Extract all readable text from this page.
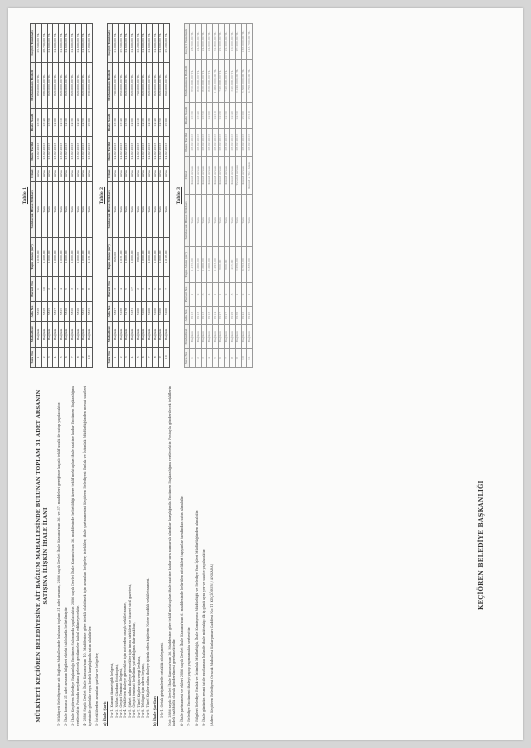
MÜLKİYETİ KEÇİÖREN BELEDİYESİNE AİT BAĞLUM MAHALLESİNDE BULUNAN TOPLAM 31 ADET ARSANIN SATIŞINA İLİŞKİN İHALE İLANI	1- Mülkiyeti Belediyemize ait Bağlum Mahallesinde bulunan toplam 31 adet arsanın, 2886 sayılı Devlet İhale Kanunu'nun 36. ve 37. maddeleri gereğince kapalı teklif usulü ile satışı yapılacaktır. 2- İhale konusu 31 adet arsanın bilgileri ekteki tablolarda belirtilmiştir. 3- İhale Keçiören Belediye Başkanlığı Encümen Salonunda yapılacaktır. 2886 sayılı Devlet İhale Kanunu'nun 36. maddesinde belirtildiği üzere teklif mektupları ihale saatine kadar Encümen Başkanlığına verilecektir. Postada meydana gelecek gecikmeler kabul edilmeyecektir. 4- 2886 Sayılı Devlet İhale Kanunu'nun 10. Maddesine göre istekli olabilmek için aranılan belgeler; istekliler, ihale şartnamesini Keçiören Belediyesi Emlak ve İstimlak Müdürlüğünden mesai saatleri içerisinde görebilir veya bedeli karşılığında satın alabilirler. 5- İsteklilerden aranılan şartlar ve belgeler; a) İhale Şartı 5-a-1. Kanuni ikametgâh belgesi, 5-a-2. Nüfus Cüzdanı fotokopisi, 5-a-3. Geçici Teminat Belgesi, 5-a-4. Vekâleten ihaleye girecekler için noterden onaylı vekâletname, 5-a-5. Şirket adına ihaleye girecekler için imza sirküleri ve ticaret sicil gazetesi, 5-a-6. Geçici teminat bedelinin yatırıldığına dair makbuz, 5-a-7. Tüzel Kişiler için vergi levhası, 5-a-8. Tebligat için adres beyanı, 5-a-9. Tüzel Kişiler adına ihaleye iştirak eden kişilerin Noter tasdikli vekâletnamesi. b) İhale Şartları 5-b-1. Ortak girişimlerde ortaklık sözleşmesi. Not: 2886 sayılı Devlet İhale Kanunu'nun 36. Maddesine göre teklif mektupları ihale saatine kadar sıra numaralı alındılar karşılığında Encümen Başkanlığına verilecektir. Postayla gönderilecek tekliflerin iadeli taahhütlü olarak gönderilmesi gerekmektedir. 6- İhale şartnamesi ve ekleri 2886 sayılı Devlet İhale Kanunu'nun 6. maddesinde belirtilen nitelikleri taşıyanlar tarafından satın alınabilir. 7- Belediye Encümeni ihaleyi yapıp yapmamakta serbesttir. 8- Bilgileri Belediye Emlak ve İstimlak Müdürlüğü, İhale Komisyonu Müdürlüğü ve Belediye Yazı İşleri Müdürlüğünden alınabilir. 9- İhale gününün resmi tatile rastlaması halinde ihale müteakip ilk iş günü aynı yer ve saatte yapılacaktır. (Adres: Keçiören Belediyesi Ovacık Mahallesi Kızlarpınarı Caddesi No:11 KEÇİÖREN / ANKARA)
KEÇİÖREN BELEDİYE BAŞKANLIĞI
Tablo 1
Sıra No	Mahallesi	Ada No	Parsel No	Tapu Alanı (m²)	Satılacak Hisse Miktarı	Cinsi	İhale Tarihi	İhale Saati	Muhammen Bedeli	Geçici Teminatı
1	Bağlum	5819	1	1.030,00	Tam	Arsa	23.02.2023	13:30	850.000,00 TL	25.500,00 TL
2	Bağlum	5819	10	1.208,00	Tam	Arsa	23.02.2023	13:40	990.000,00 TL	29.700,00 TL
3	Bağlum	5815	2	1.000,00	Tam	Arsa	23.02.2023	13:50	820.000,00 TL	24.600,00 TL
4	Bağlum	5817	3	1.000,00	Tam	Arsa	23.02.2023	14:00	820.000,00 TL	24.600,00 TL
5	Bağlum	5815	4	1.000,00	Tam	Arsa	23.02.2023	14:10	820.000,00 TL	24.600,00 TL
6	Bağlum	5816	5	1.000,00	Tam	Arsa	23.02.2023	14:20	820.000,00 TL	24.600,00 TL
7	Bağlum	5816	3	1.000,00	Tam	Arsa	23.02.2023	14:30	820.000,00 TL	24.600,00 TL
8	Bağlum	5816	7	1.000,00	Tam	Arsa	23.02.2023	14:40	820.000,00 TL	24.600,00 TL
9	Bağlum	5815	8	1.000,00	Tam	Arsa	23.02.2023	14:50	820.000,00 TL	24.600,00 TL
10	Bağlum	5815	9	1.131,00	Tam	Arsa	23.02.2023	15:00	930.000,00 TL	27.900,00 TL
Tablo 2
Sıra No	Mahallesi	Ada No	Parsel No	Tapu Alanı (m²)	Satılacak Hisse Miktarı	Cinsi	İhale Tarihi	İhale Saati	Muhammen Bedeli	Geçici Teminatı
1	Bağlum	5827	3	820,00	Tam	Arsa	24.02.2023	13:30	700.000,00 TL	21.000,00 TL
2	Bağlum	5169	4	1.031,00	Tam	Arsa	24.02.2023	13:40	850.000,00 TL	25.500,00 TL
3	Bağlum	5178	5	1.000,00	Tam	Arsa	24.02.2023	13:50	820.000,00 TL	24.600,00 TL
4	Bağlum	5181	17	1.000,00	Tam	Arsa	24.02.2023	14:00	820.000,00 TL	24.600,00 TL
5	Bağlum	5200	2	900,00	Tam	Arsa	24.02.2023	14:10	740.000,00 TL	22.200,00 TL
6	Bağlum	5200	3	1.000,00	Tam	Arsa	24.02.2023	14:20	820.000,00 TL	24.600,00 TL
7	Bağlum	5200	4	1.000,00	Tam	Arsa	24.02.2023	14:30	820.000,00 TL	24.600,00 TL
8	Bağlum	5200	5	1.000,00	Tam	Arsa	24.02.2023	14:40	820.000,00 TL	24.600,00 TL
9	Bağlum	5200	6	1.000,00	Tam	Arsa	24.02.2023	14:50	820.000,00 TL	24.600,00 TL
10	Bağlum	5200	7	1.019,00	Tam	Arsa	24.02.2023	15:00	840.000,00 TL	25.200,00 TL
Tablo 3
Sıra No	Mahallesi	Ada No	Parsel No	Tapu Alanı (m²)	Satılacak Hisse Miktarı	Cinsi	İhale Tarihi	İhale Saati	Muhammen Bedeli	Geçici Teminatı
1	Bağlum	9113	1	1.155,00	Tam	Konut Arsası	28.02.2023	13:30	950.000,00 TL	28.500,00 TL
2	Bağlum	9113	2	1.000,00	Tam	Konut Arsası	28.02.2023	13:40	820.000,00 TL	24.600,00 TL
3	Bağlum	9113	3	1.000,00	Tam	Konut Arsası	28.02.2023	13:50	820.000,00 TL	24.600,00 TL
4	Bağlum	9113	4	1.000,00	Tam	Konut Arsası	28.02.2023	14:00	820.000,00 TL	24.600,00 TL
5	Bağlum	9114	1	1.293,00	Tam	Konut Arsası	28.02.2023	14:10	1.060.000,00 TL	31.800,00 TL
6	Bağlum	9127	1	900,00	Tam	Konut Arsası	28.02.2023	14:20	740.000,00 TL	22.200,00 TL
7	Bağlum	9127	2	900,00	Tam	Konut Arsası	28.02.2023	14:30	740.000,00 TL	22.200,00 TL
8	Bağlum	9129	5	415,00	Tam	Konut Arsası	28.02.2023	14:40	340.000,00 TL	10.200,00 TL
9	Bağlum	9139	1	3.950,00	Tam	Ticaret Arsası	28.02.2023	14:50	3.240.000,00 TL	97.200,00 TL
10	Bağlum	9142	2	6.703,00	Tam	Konut Arsası	28.02.2023	15:00	5.500.000,00 TL	165.000,00 TL
11	Bağlum	9145	1	5.839,00	Tam	Konut + Tic. Alanı	28.02.2023	15:10	4.790.000,00 TL	143.700,00 TL
